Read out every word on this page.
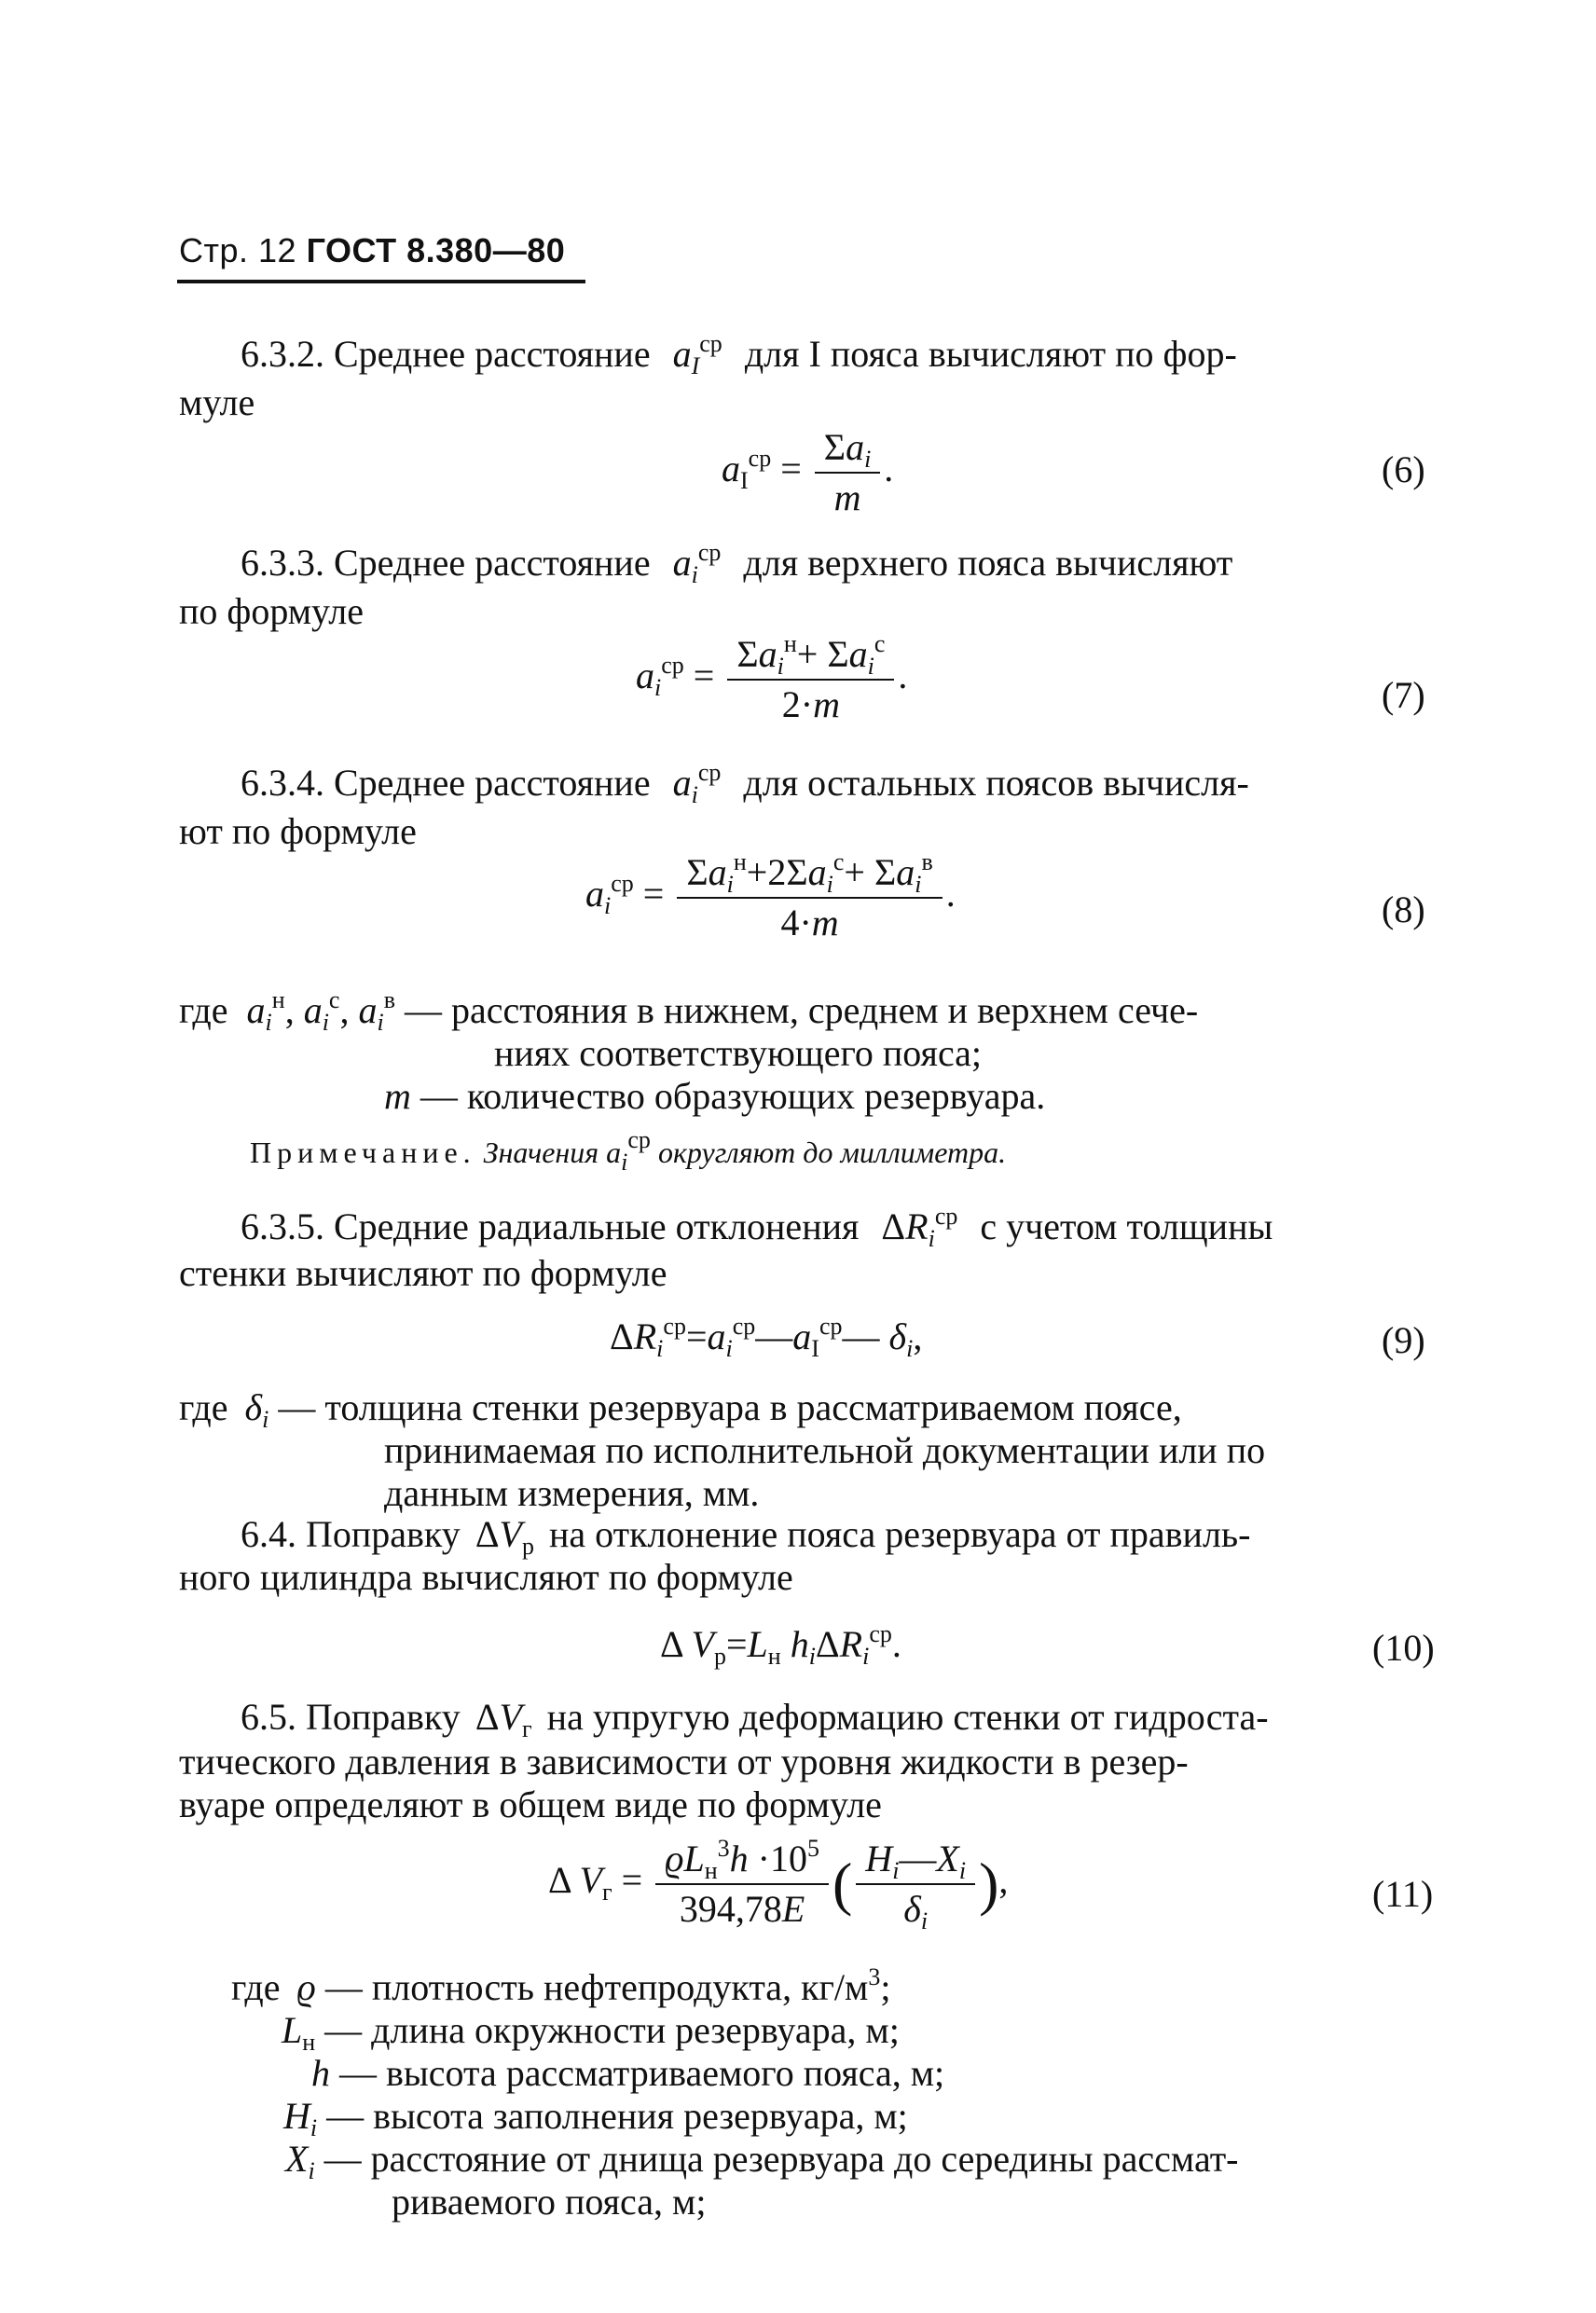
Стр. 12 ГОСТ 8.380—80
6.3.2. Среднее расстояние $a_I^{ср}$ для I пояса вычисляют по фор-
муле
$a_I^{ср} = \frac{\Sigma a_i}{m}$ .	(6)
6.3.3. Среднее расстояние $a_i^{ср}$ для верхнего пояса вычисляют
по формуле
$a_i^{ср} = \frac{\Sigma a_i^н+ \Sigma a_i^с}{2\cdot m}$ .	(7)
6.3.4. Среднее расстояние $a_i^{ср}$ для остальных поясов вычисля-
ют по формуле
$a_i^{ср} = \frac{\Sigma a_i^н+2\Sigma a_i^с+ \Sigma a_i^в}{4\cdot m}$ .	(8)
где $a_i^н$, $a_i^с$, $a_i^в$ — расстояния в нижнем, среднем и верхнем сече-
ниях соответствующего пояса;
m — количество образующих резервуара.
Примечание. Значения $a_i^{ср}$ округляют до миллиметра.
6.3.5. Средние радиальные отклонения $\Delta R_i^{ср}$ с учетом толщины
стенки вычисляют по формуле
$\Delta R_i^{ср}=a_i^{ср}—a_I^{ср}—$ $\delta_i$,	(9)
где $\delta_i$ — толщина стенки резервуара в рассматриваемом поясе,
принимаемая по исполнительной документации или по
данным измерения, мм.
6.4. Поправку $\Delta V_р$ на отклонение пояса резервуара от правиль-
ного цилиндра вычисляют по формуле
Δ $V_р=L_н$ $h_i\Delta R_i^{ср}$.	(10)
6.5. Поправку $\Delta V_г$ на упругую деформацию стенки от гидроста-
тического давления в зависимости от уровня жидкости в резер-
вуаре определяют в общем виде по формуле
Δ $V_г = \frac{ϱL_н^3h \cdot 10^5}{394,78E}$ ( $\frac{H_i—X_i}{\delta_i}$ ),	(11)
где ϱ — плотность нефтепродукта, $кг/м^3$;
$L_н$ — длина окружности резервуара, м;
h — высота рассматриваемого пояса, м;
$H_i$ — высота заполнения резервуара, м;
$X_i$ — расстояние от днища резервуара до середины рассмат-
риваемого пояса, м;
